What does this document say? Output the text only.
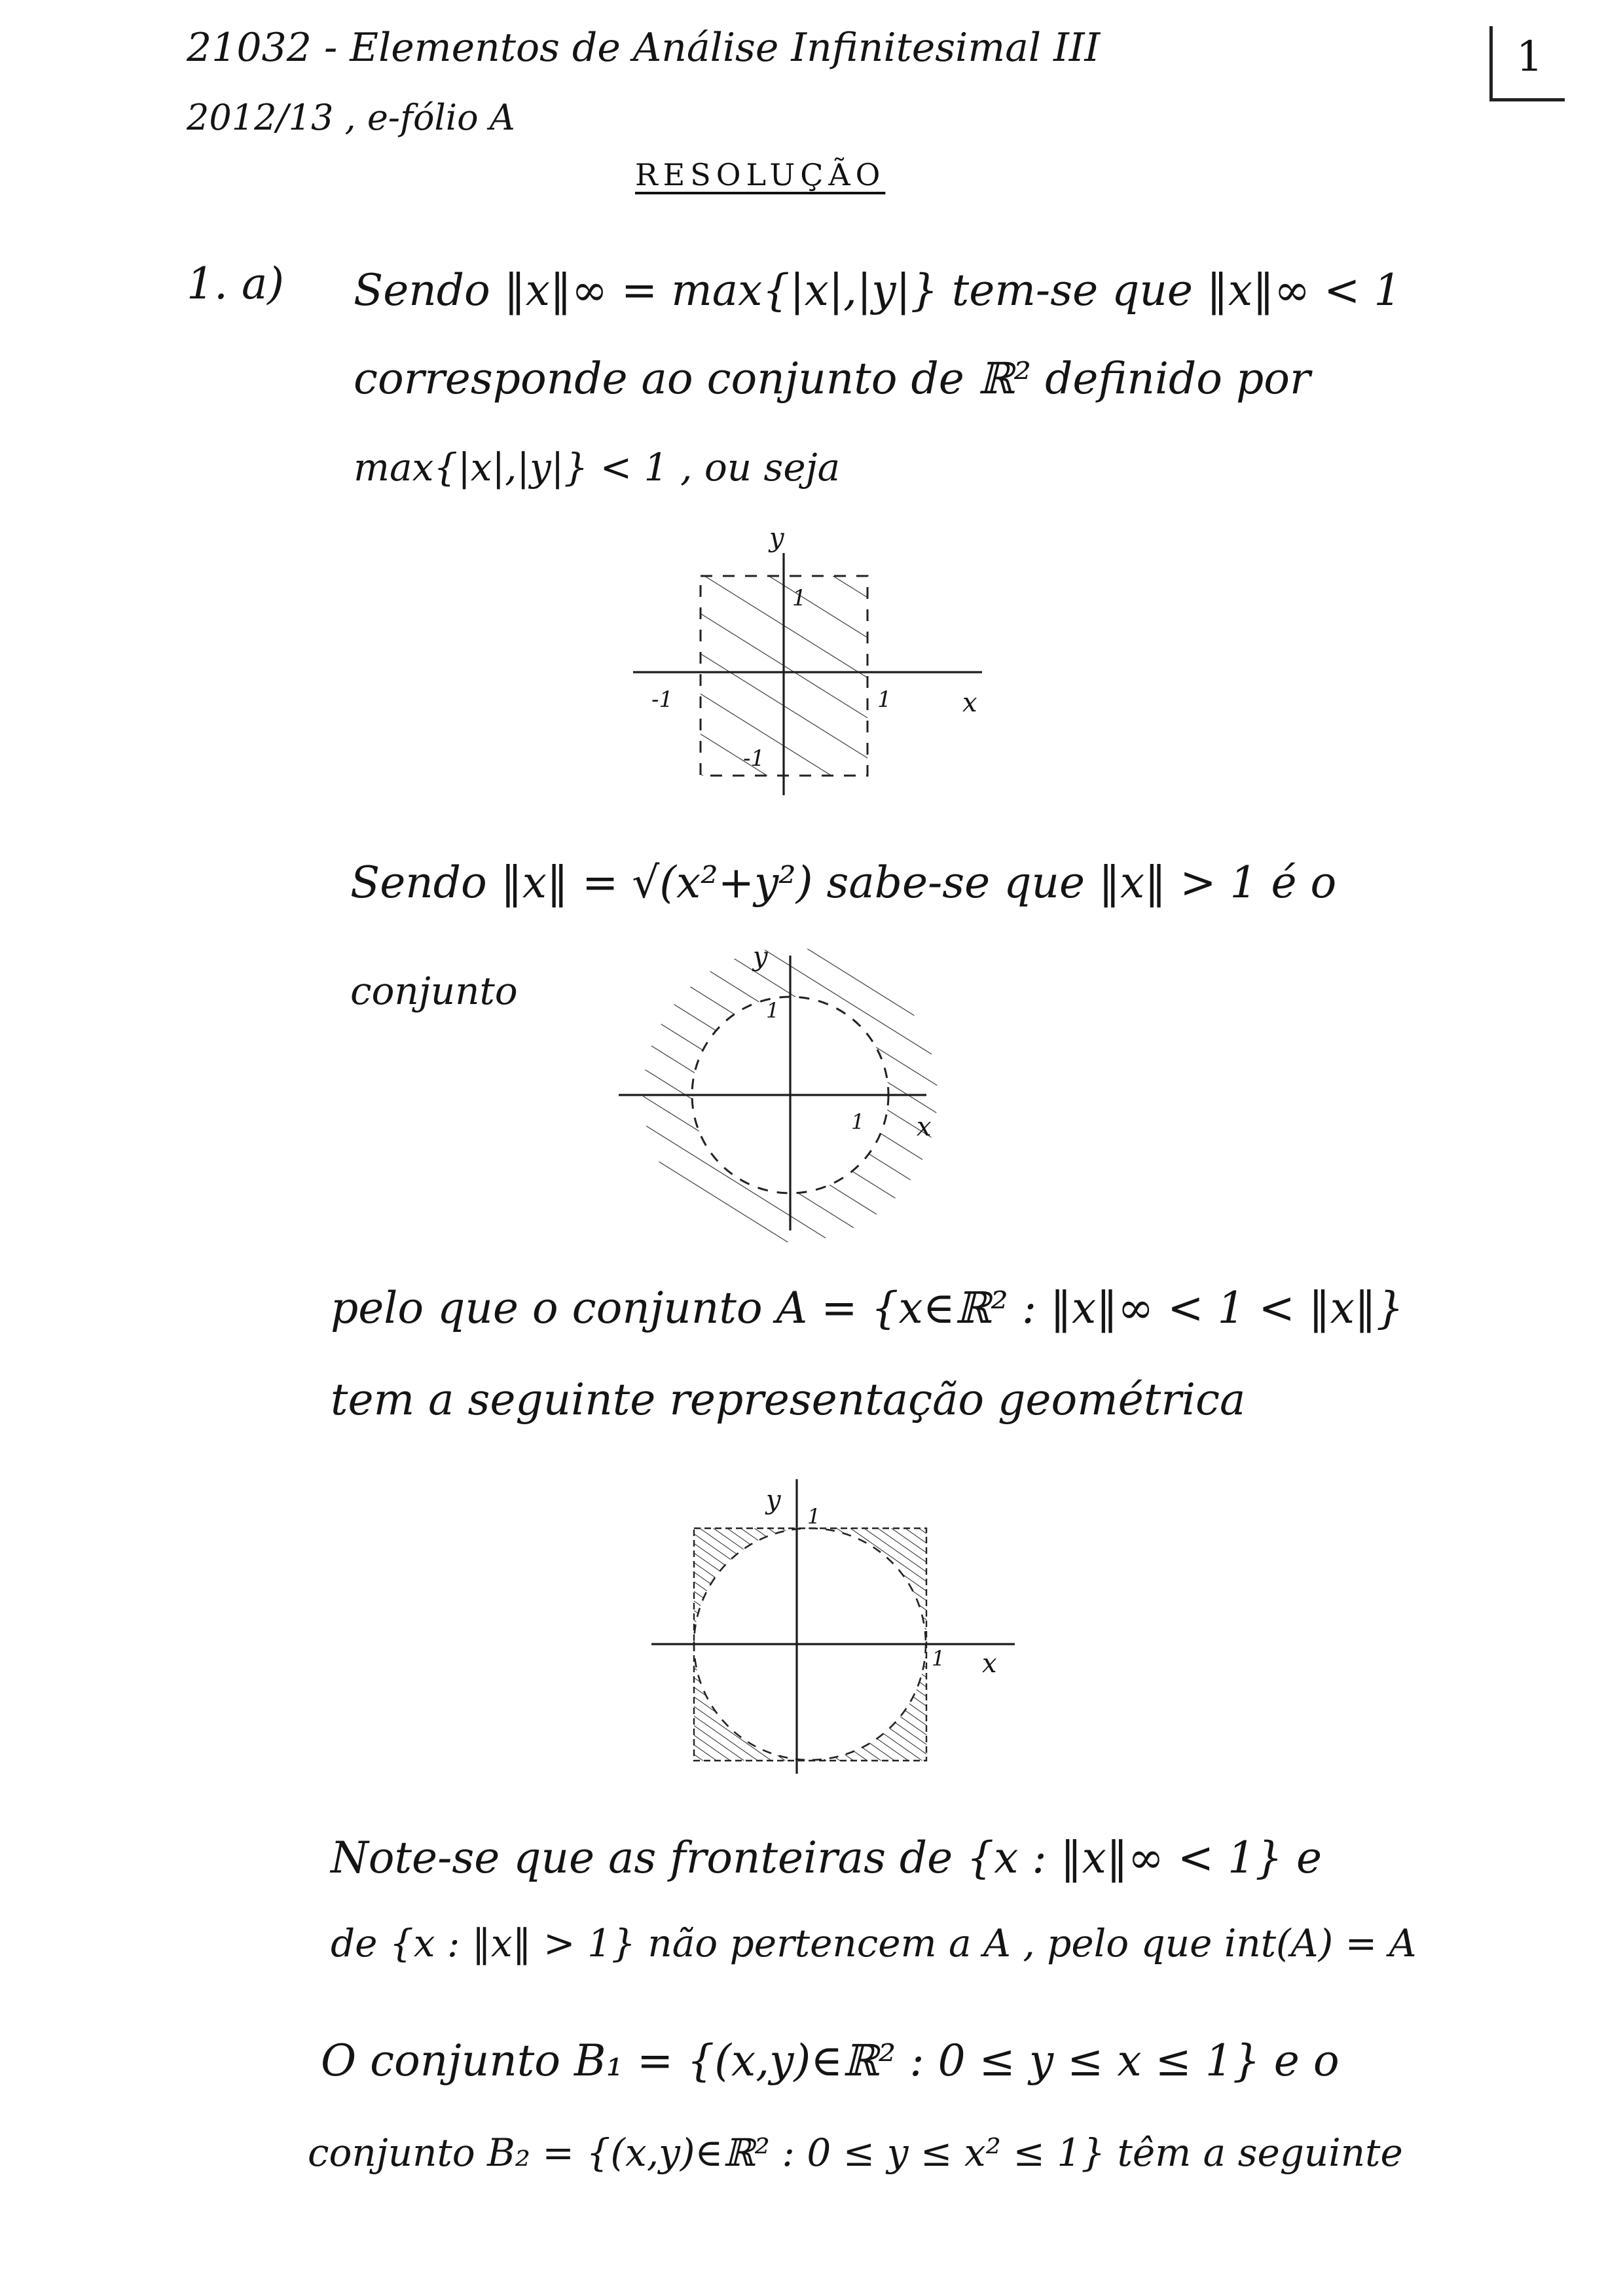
21032 - Elementos de Análise Infinitesimal III
2012/13 , e-fólio A
1
RESOLUÇÃO
1. a) Sendo ‖x‖∞ = max{|x|,|y|} tem-se que ‖x‖∞ < 1
corresponde ao conjunto de ℝ² definido por
max{|x|,|y|} < 1 , ou seja
y
x
1
1
-1
-1
Sendo ‖x‖ = √(x²+y²) sabe-se que ‖x‖ > 1 é o
conjunto
y
x
1
1
pelo que o conjunto A = {x∈ℝ² : ‖x‖∞ < 1 < ‖x‖}
tem a seguinte representação geométrica
y
x
1
1
Note-se que as fronteiras de {x : ‖x‖∞ < 1} e
de {x : ‖x‖ > 1} não pertencem a A , pelo que int(A) = A
O conjunto B₁ = {(x,y)∈ℝ² : 0 ≤ y ≤ x ≤ 1} e o
conjunto B₂ = {(x,y)∈ℝ² : 0 ≤ y ≤ x² ≤ 1} têm a seguinte
